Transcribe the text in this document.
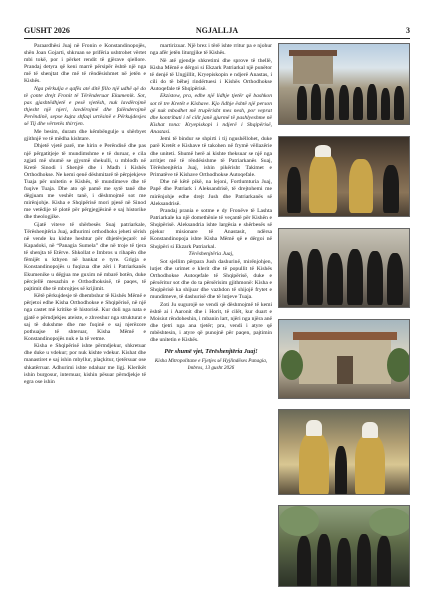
GUSHT 2026	NGJALLJA	3

Paraardhësi Juaj në Fronin e Konstandinopojës, shën Joan Gojarti, shkruan se prifëria ushtrohet vërtet mbi tokë, por i përket rendit të gjërave qiellore. Prandaj detyra që keni marrë përsipër është një nga më të shenjtat dhe më të rëndësishmet në jetën e Kishës.

Nga përkulja e qafës até ditë fillo një udhë që do të çonte drejt Fronit të Tërënderuar Ekumenik. Sot, pas gjashtëdhjetë e pesë vjetësh, nuk lavdërojmë thjesht një njeri, lavdërojmë dhe falënderojmë Perëndinë, sepse kujta shfaqi urtësinë e Përkujdesjes së Tij dhe vërtetës thirrjen.

Me besim, duram dhe këmbëngulje u shërbyet gjithnjë ve të mëdha kishtare.

Dhjetë vjetë parë, me hirin e Perëndisë dhe pas një përgatitjeje të mundimshme e të duruar, e cila zgjati më shumë se gjysmë shekulli, u mblodh në Kretë Sinodi i Shenjtë dhe i Madh i Kishës Orthodhokse. Ne kemi qenë dëshmitarë të përpjekjeve Tuaja për unitetin e Kishës, të mundimeve dhe të fuqive Tuaja. Dhe ato që pamë me sytë tanë dhe dëgjuam me veshët tanë, i dëshmojmë sot me mirënjohje. Kisha e Shqipërisë mori pjesë në Sinod me vetëdije të plotë për përgjegjësinë e saj historike dhe theologjike.

Gjatë viteve të shërbesës Suaj patriarkale, Tërëshenjtëria Juaj, adhurimi orthodhoks jeheti sërish në vende ku kishte heshtur për dhjetëvjeçarë: në Kapadoki, në “Panagia Sumela” dhe në troje të tjera të shenjta të Etërve. Shkollat e Imbros u rihapën dhe fëmijët u kthyen në bankat e tyre. Grigja e Konstandinopojës u fuqizua dhe zëri i Patriarkanës Ekumenike u dëgjua me guxim në mbarë botën, duke përcjellë mesazhin e Orthodhoksisë, të paqes, të pajtimit dhe të mbrojtjes së krijimit.

Këtë përkujdesje të dhembshur të Kishës Mëmë e përjetoi edhe Kisha Orthodhokse e Shqipërisë, në një nga castet më kritike të historisë. Kur doli nga nata e gjatë e përndjekjes ateiste, e zhveshur nga strukturat e saj të dukshme dhe me fuqinë e saj njerëzore pothuajse të shteruar, Kisha Mëmë e Konstandinopojës nuk e la të vetme.

Kisha e Shqipërisë ishte përmdjekur, shkretuar dhe duke u vdekur; por nuk kishte vdekur. Kishat dhe manastiret e saj ishin mbyllur, plaçkitur, tjetërsuar ose shkatërruar. Adhurimi ishte ndaluar me ligj. Klerikët ishin burgosur, internuar, kishin pësuar përndjekje të egra ose ishin

martirizuar. Një brez i tërë ishte rritur pa e njohur nga afër jetën liturgjike të Kishës.

Në atë gjendje shkretimi dhe sprove të thellë, Kisha Mëmë e dërgoi si Ekzark Patriarkal një punëtor të denjë të Ungjillit, Kryepiskopin e ndjerë Anastas, i cili do të bëhej rindërtuesi i Kishës Orthodhokse Autoqefale të Shqipërisë.

Ekzistow, pra, edhe një lidhje tjetër që bashkon sot të tre Kretët e Kishave. Kjo lidhje është një person që nuk mbodhet më trupërisht mes nesh, por veprat dhe kontributi i të cilit janë gjurmë të pashlyeshme në Kishat tona: Kryepiskopi i ndjerë i Shqipërisë, Anastasi.

Jemi të bindur se shpirti i tij ngushëllohet, duke parë Kretët e Kishave të takohen në frymë vëllazërie dhe uniteti. Shumë herë ai kishte theksuar se një nga arritjet më të rëndësishme të Patriarkanës Suaj, Tërëshenjtëria Juaj, ishin pikërisht Takimet e Primatëve të Kishave Orthodhokse Autoqefale.

Dhe në këtë pikë, na lejoni, Fortlumturia Juaj, Papë dhe Patriark i Aleksandrisë, të drejtohemi me mirënjohje edhe drejt Jush dhe Patriarkanës së Aleksandrisë.

Prandaj prania e sotme e dy Fronëve të Lashta Patriarkale ka një domethënie të veçantë për Kishën e Shqipërisë. Aleksandria ishte largësia e shërbesës së pjekur misionare të Anastasit, ndërsa Konstandinopoja ishte Kisha Mëmë që e dërgoi në Shqipëri si Ekzark Patriarkal.

Tërëshenjtëria Juaj,

Sot sjellim përpara Jush dashurinë, mirënjohjen, lutjet dhe urimet e klerit dhe të popullit të Kishës Orthodhokse Autoqefale të Shqipërisë, duke e përsëritur sot dhe do ta përsërisim gjithmonë: Kisha e Shqipërisë ka shijuar dhe vazhdon të shijojë frytet e mundimeve, të dashurisë dhe të lutjeve Tuaja.

Zoti Ju sugurojë se vendi që dëshmojmë të kemi është ai i Aaronit dhe i Horit, të cilët, kur duart e Moisiut rëndoheshin, i mbanin lart, njëri nga njëra anë dhe tjetri nga ana tjetër; pra, vendi i atyre që mbështesin, i atyre që punojnë për paqen, pajtimin dhe unitetin e Kishës.

Për shumë vjet, Tërëshenjtëria Juaj!

Kisha Mitropolitane e Fjetjes së Hyjlindëses Panagia, Imbros, 13 gusht 2026
